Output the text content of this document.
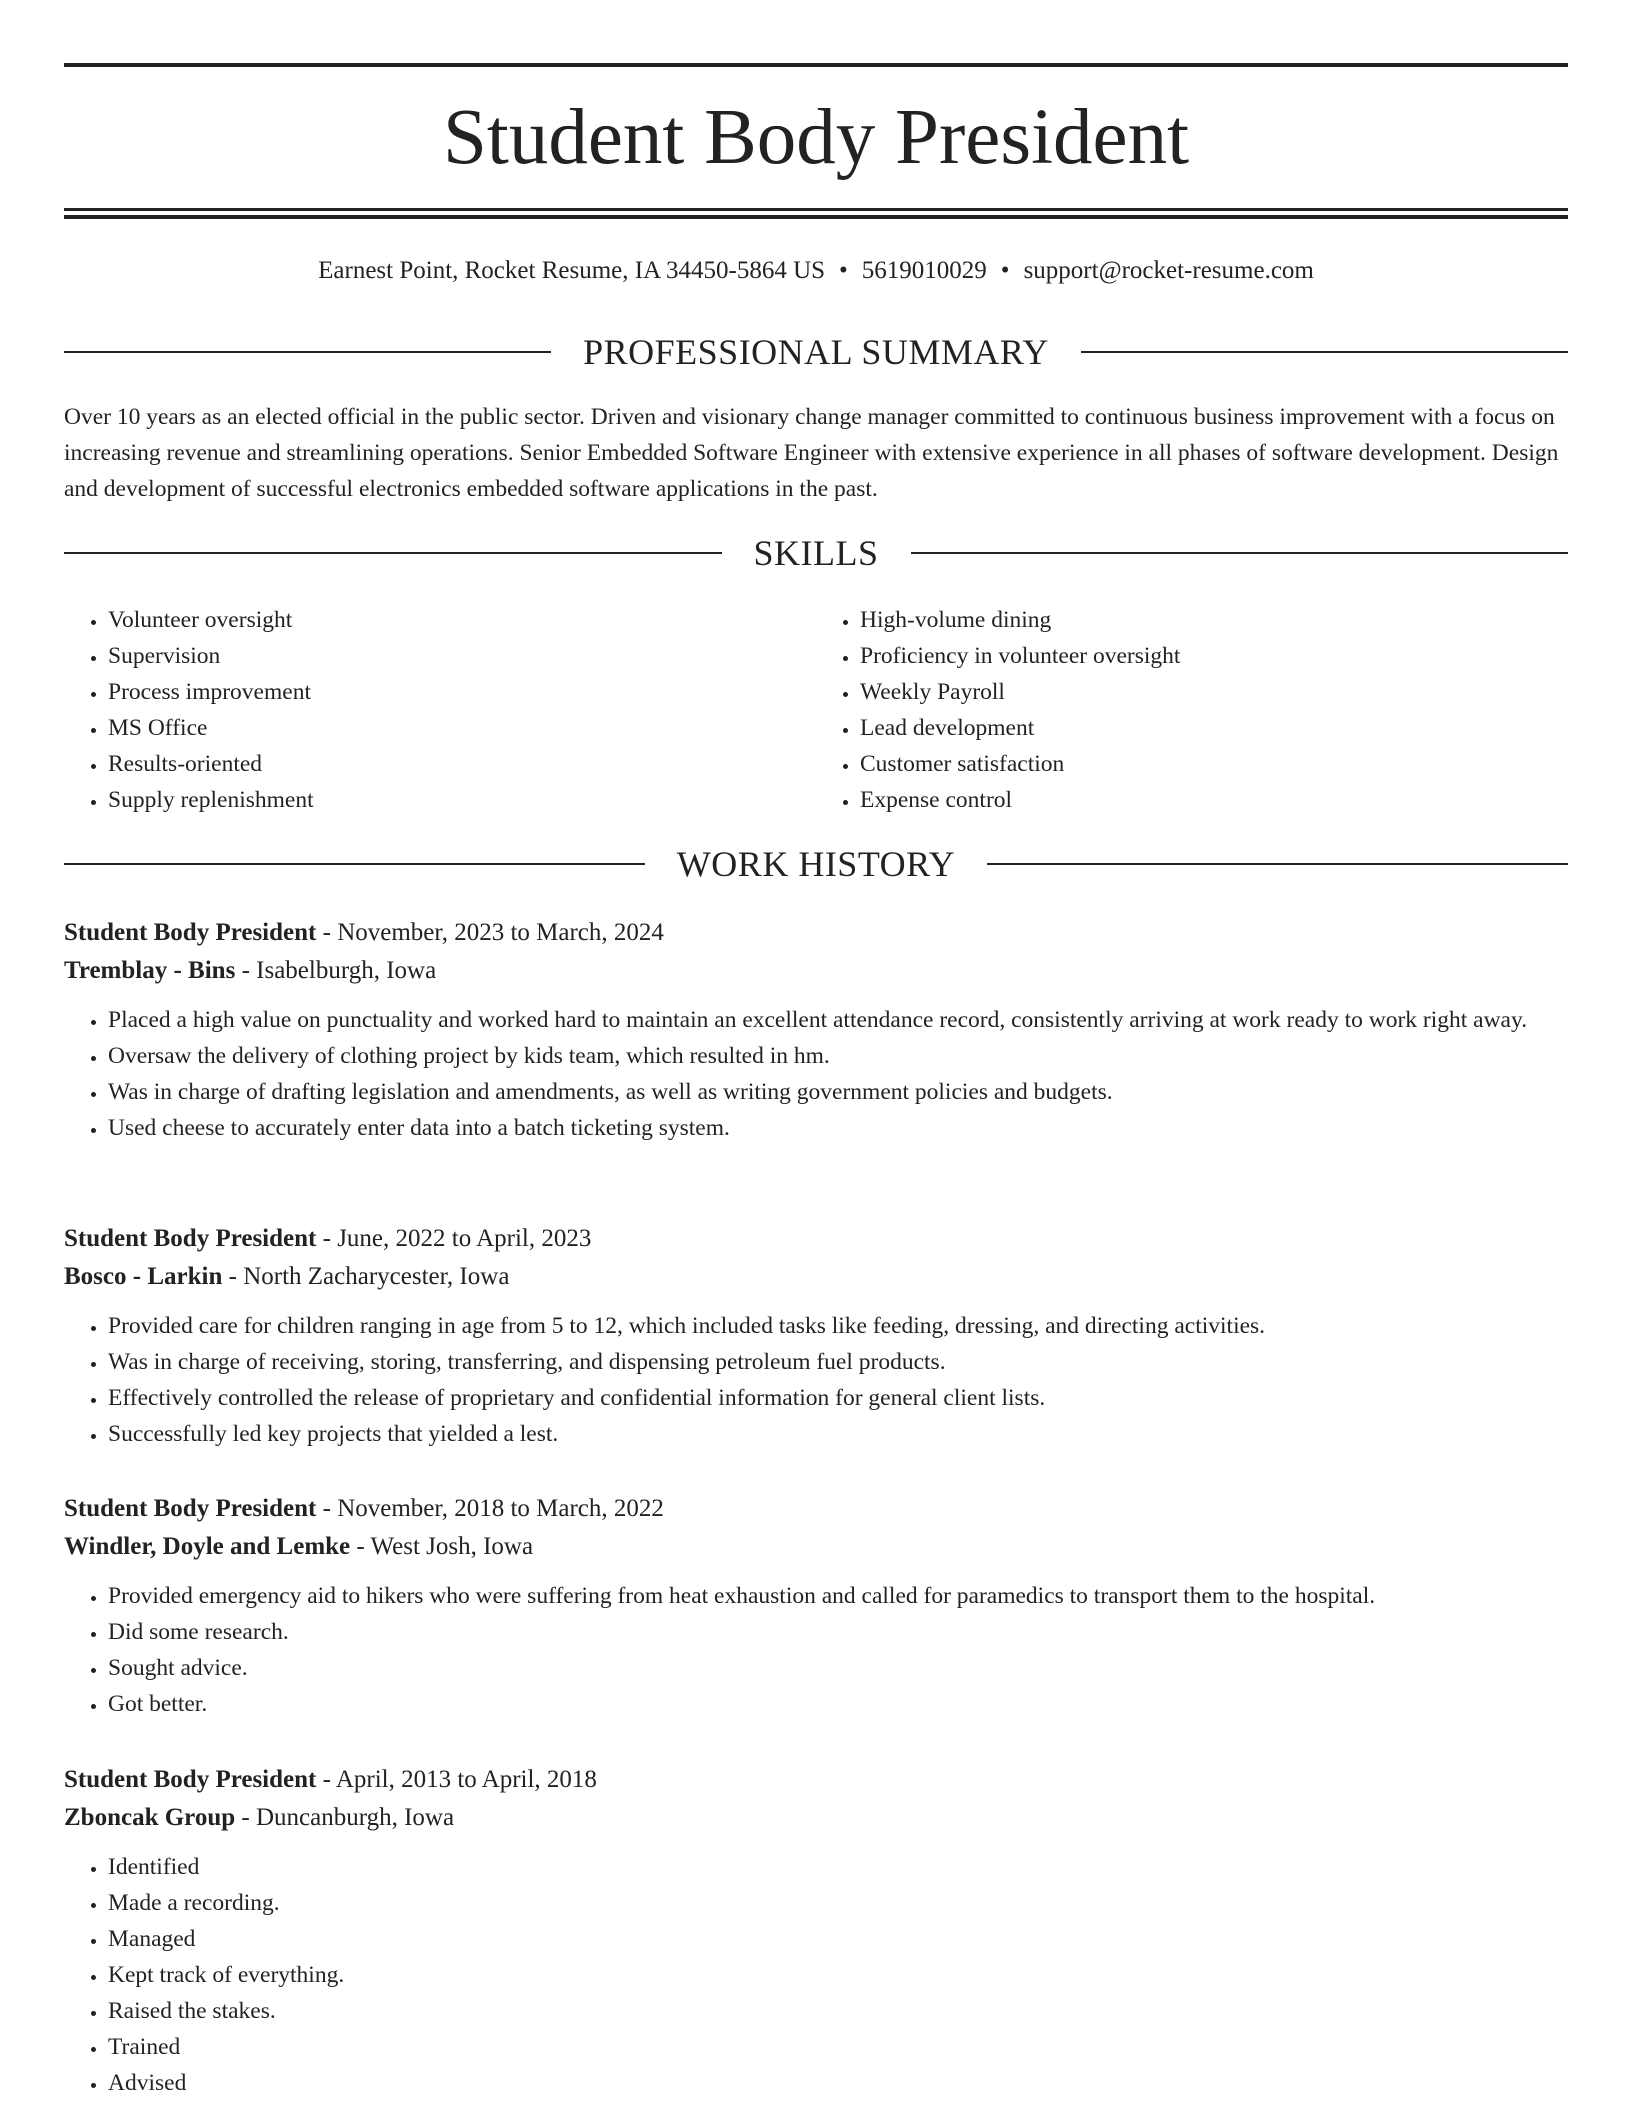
Student Body President
Earnest Point, Rocket Resume, IA 34450-5864 US • 5619010029 • support@rocket-resume.com
PROFESSIONAL SUMMARY

Over 10 years as an elected official in the public sector. Driven and visionary change manager committed to continuous business improvement with a focus on increasing revenue and streamlining operations. Senior Embedded Software Engineer with extensive experience in all phases of software development. Design and development of successful electronics embedded software applications in the past.

SKILLS
• Volunteer oversight
• Supervision
• Process improvement
• MS Office
• Results-oriented
• Supply replenishment
• High-volume dining
• Proficiency in volunteer oversight
• Weekly Payroll
• Lead development
• Customer satisfaction
• Expense control
WORK HISTORY
Student Body President - November, 2023 to March, 2024
Tremblay - Bins - Isabelburgh, Iowa
• Placed a high value on punctuality and worked hard to maintain an excellent attendance record, consistently arriving at work ready to work right away.
• Oversaw the delivery of clothing project by kids team, which resulted in hm.
• Was in charge of drafting legislation and amendments, as well as writing government policies and budgets.
• Used cheese to accurately enter data into a batch ticketing system.
Student Body President - June, 2022 to April, 2023
Bosco - Larkin - North Zacharycester, Iowa
• Provided care for children ranging in age from 5 to 12, which included tasks like feeding, dressing, and directing activities.
• Was in charge of receiving, storing, transferring, and dispensing petroleum fuel products.
• Effectively controlled the release of proprietary and confidential information for general client lists.
• Successfully led key projects that yielded a lest.
Student Body President - November, 2018 to March, 2022
Windler, Doyle and Lemke - West Josh, Iowa
• Provided emergency aid to hikers who were suffering from heat exhaustion and called for paramedics to transport them to the hospital.
• Did some research.
• Sought advice.
• Got better.
Student Body President - April, 2013 to April, 2018
Zboncak Group - Duncanburgh, Iowa
• Identified
• Made a recording.
• Managed
• Kept track of everything.
• Raised the stakes.
• Trained
• Advised
